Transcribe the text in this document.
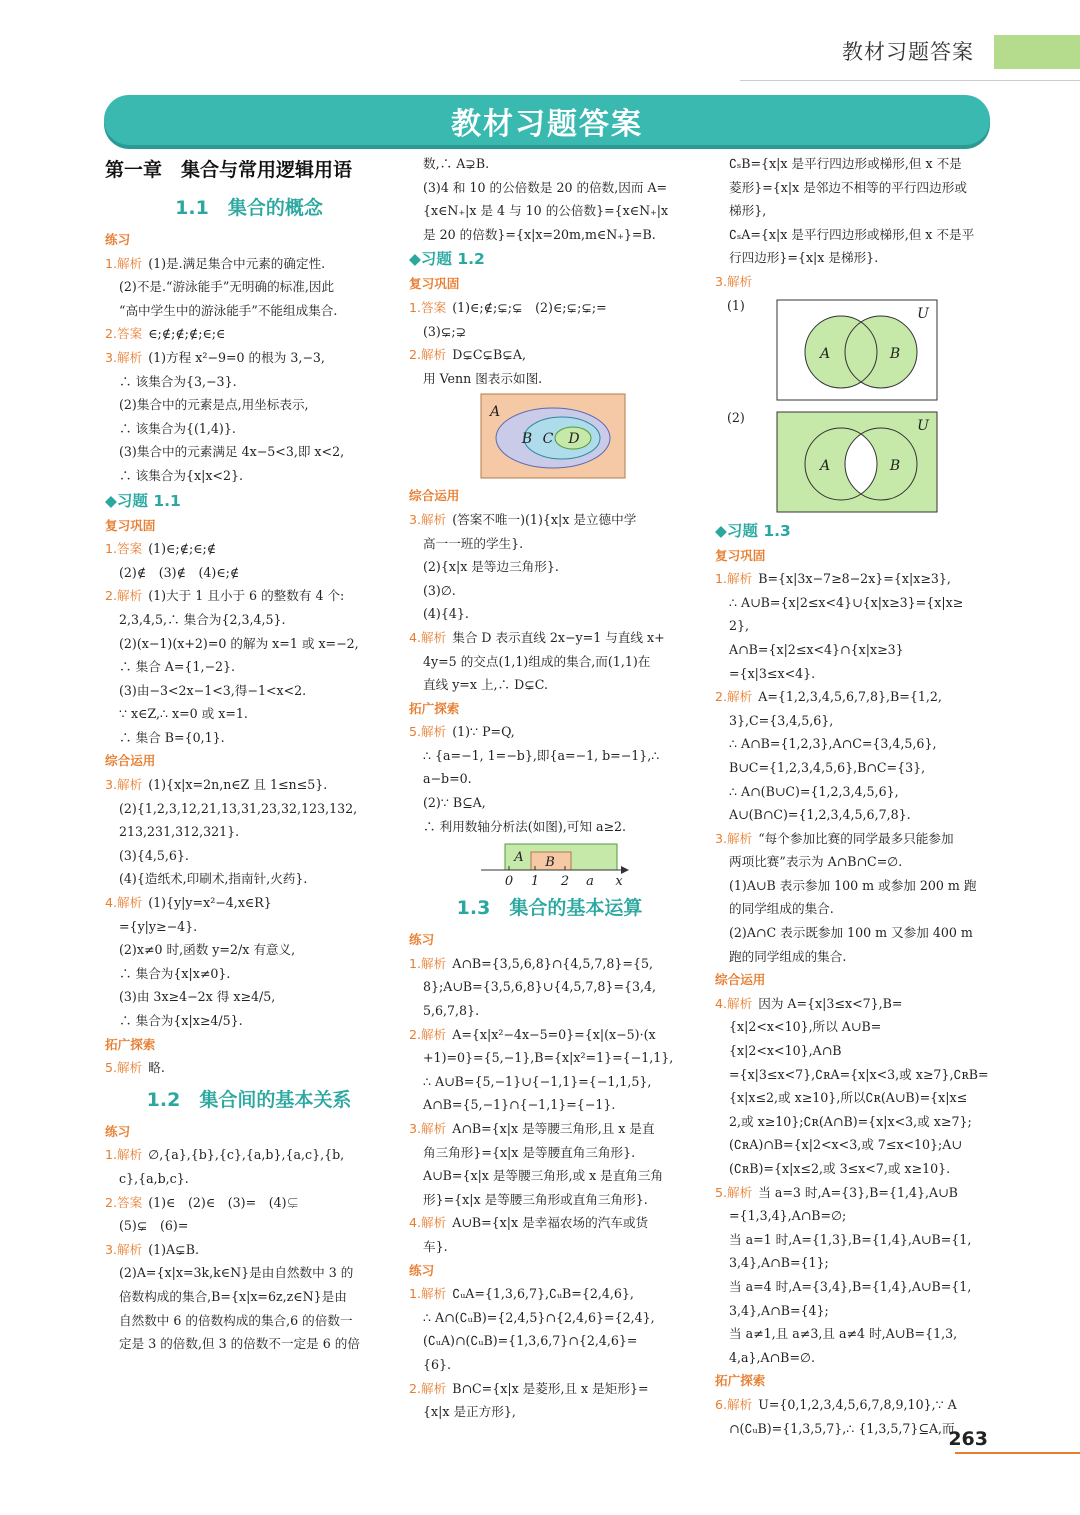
教材习题答案
教材习题答案

第一章　集合与常用逻辑用语

1.1　集合的概念

练习

1.解析 (1)是.满足集合中元素的确定性.

(2)不是.“游泳能手”无明确的标准,因此

“高中学生中的游泳能手”不能组成集合.

2.答案 ∈;∉;∉;∉;∈;∈

3.解析 (1)方程 x²−9=0 的根为 3,−3,

∴ 该集合为{3,−3}.

(2)集合中的元素是点,用坐标表示,

∴ 该集合为{(1,4)}.

(3)集合中的元素满足 4x−5<3,即 x<2,

∴ 该集合为{x|x<2}.

◆习题 1.1

复习巩固

1.答案 (1)∈;∉;∈;∉

(2)∉　(3)∉　(4)∈;∉

2.解析 (1)大于 1 且小于 6 的整数有 4 个:

2,3,4,5,∴ 集合为{2,3,4,5}.

(2)(x−1)(x+2)=0 的解为 x=1 或 x=−2,

∴ 集合 A={1,−2}.

(3)由−3<2x−1<3,得−1<x<2.

∵ x∈Z,∴ x=0 或 x=1.

∴ 集合 B={0,1}.

综合运用

3.解析 (1){x|x=2n,n∈Z 且 1≤n≤5}.

(2){1,2,3,12,21,13,31,23,32,123,132,

213,231,312,321}.

(3){4,5,6}.

(4){造纸术,印刷术,指南针,火药}.

4.解析 (1){y|y=x²−4,x∈R}

={y|y≥−4}.

(2)x≠0 时,函数 y=2/x 有意义,

∴ 集合为{x|x≠0}.

(3)由 3x≥4−2x 得 x≥4/5,

∴ 集合为{x|x≥4/5}.

拓广探索

5.解析 略.

1.2　集合间的基本关系

练习

1.解析 ∅,{a},{b},{c},{a,b},{a,c},{b,

c},{a,b,c}.

2.答案 (1)∈　(2)∈　(3)=　(4)⊊

(5)⊊　(6)=

3.解析 (1)A⊊B.

(2)A={x|x=3k,k∈N}是由自然数中 3 的

倍数构成的集合,B={x|x=6z,z∈N}是由

自然数中 6 的倍数构成的集合,6 的倍数一

定是 3 的倍数,但 3 的倍数不一定是 6 的倍

数,∴ A⊋B.

(3)4 和 10 的公倍数是 20 的倍数,因而 A=

{x∈N₊|x 是 4 与 10 的公倍数}={x∈N₊|x

是 20 的倍数}={x|x=20m,m∈N₊}=B.

◆习题 1.2

复习巩固

1.答案 (1)∈;∉;⊊;⊊　(2)∈;⊊;⊊;=

(3)⊊;⊋

2.解析 D⊊C⊊B⊊A,

用 Venn 图表示如图.

A
B C D

综合运用

3.解析 (答案不唯一)(1){x|x 是立德中学

高一一班的学生}.

(2){x|x 是等边三角形}.

(3)∅.

(4){4}.

4.解析 集合 D 表示直线 2x−y=1 与直线 x+

4y=5 的交点(1,1)组成的集合,而(1,1)在

直线 y=x 上,∴ D⊊C.

拓广探索

5.解析 (1)∵ P=Q,

∴ {a=−1, 1=−b},即{a=−1, b=−1},∴ a−b=0.

(2)∵ B⊆A,

∴ 利用数轴分析法(如图),可知 a≥2.

0 1 2 a x
A B

1.3　集合的基本运算

练习

1.解析 A∩B={3,5,6,8}∩{4,5,7,8}={5,

8};A∪B={3,5,6,8}∪{4,5,7,8}={3,4,

5,6,7,8}.

2.解析 A={x|x²−4x−5=0}={x|(x−5)·(x

+1)=0}={5,−1},B={x|x²=1}={−1,1},

∴ A∪B={5,−1}∪{−1,1}={−1,1,5},

A∩B={5,−1}∩{−1,1}={−1}.

3.解析 A∩B={x|x 是等腰三角形,且 x 是直

角三角形}={x|x 是等腰直角三角形}.

A∪B={x|x 是等腰三角形,或 x 是直角三角

形}={x|x 是等腰三角形或直角三角形}.

4.解析 A∪B={x|x 是幸福农场的汽车或货

车}.

练习

1.解析 ∁ᵤA={1,3,6,7},∁ᵤB={2,4,6},

∴ A∩(∁ᵤB)={2,4,5}∩{2,4,6}={2,4},

(∁ᵤA)∩(∁ᵤB)={1,3,6,7}∩{2,4,6}=

{6}.

2.解析 B∩C={x|x 是菱形,且 x 是矩形}=

{x|x 是正方形},

∁ₛB={x|x 是平行四边形或梯形,但 x 不是

菱形}={x|x 是邻边不相等的平行四边形或

梯形},

∁ₛA={x|x 是平行四边形或梯形,但 x 不是平

行四边形}={x|x 是梯形}.

3.解析

(1)
U
A	B
(2)
U
A	B

◆习题 1.3

复习巩固

1.解析 B={x|3x−7≥8−2x}={x|x≥3},

∴ A∪B={x|2≤x<4}∪{x|x≥3}={x|x≥

2},

A∩B={x|2≤x<4}∩{x|x≥3}

={x|3≤x<4}.

2.解析 A={1,2,3,4,5,6,7,8},B={1,2,

3},C={3,4,5,6},

∴ A∩B={1,2,3},A∩C={3,4,5,6},

B∪C={1,2,3,4,5,6},B∩C={3},

∴ A∩(B∪C)={1,2,3,4,5,6},

A∪(B∩C)={1,2,3,4,5,6,7,8}.

3.解析 “每个参加比赛的同学最多只能参加

两项比赛”表示为 A∩B∩C=∅.

(1)A∪B 表示参加 100 m 或参加 200 m 跑

的同学组成的集合.

(2)A∩C 表示既参加 100 m 又参加 400 m

跑的同学组成的集合.

综合运用

4.解析 因为 A={x|3≤x<7},B=

{x|2<x<10},所以 A∪B={x|2<x<10},A∩B

={x|3≤x<7},∁ʀA={x|x<3,或 x≥7},∁ʀB=

{x|x≤2,或 x≥10},所以∁ʀ(A∪B)={x|x≤

2,或 x≥10};∁ʀ(A∩B)={x|x<3,或 x≥7};

(∁ʀA)∩B={x|2<x<3,或 7≤x<10};A∪

(∁ʀB)={x|x≤2,或 3≤x<7,或 x≥10}.

5.解析 当 a=3 时,A={3},B={1,4},A∪B

={1,3,4},A∩B=∅;

当 a=1 时,A={1,3},B={1,4},A∪B={1,

3,4},A∩B={1};

当 a=4 时,A={3,4},B={1,4},A∪B={1,

3,4},A∩B={4};

当 a≠1,且 a≠3,且 a≠4 时,A∪B={1,3,

4,a},A∩B=∅.

拓广探索

6.解析 U={0,1,2,3,4,5,6,7,8,9,10},∵ A

∩(∁ᵤB)={1,3,5,7},∴ {1,3,5,7}⊆A,而

263
